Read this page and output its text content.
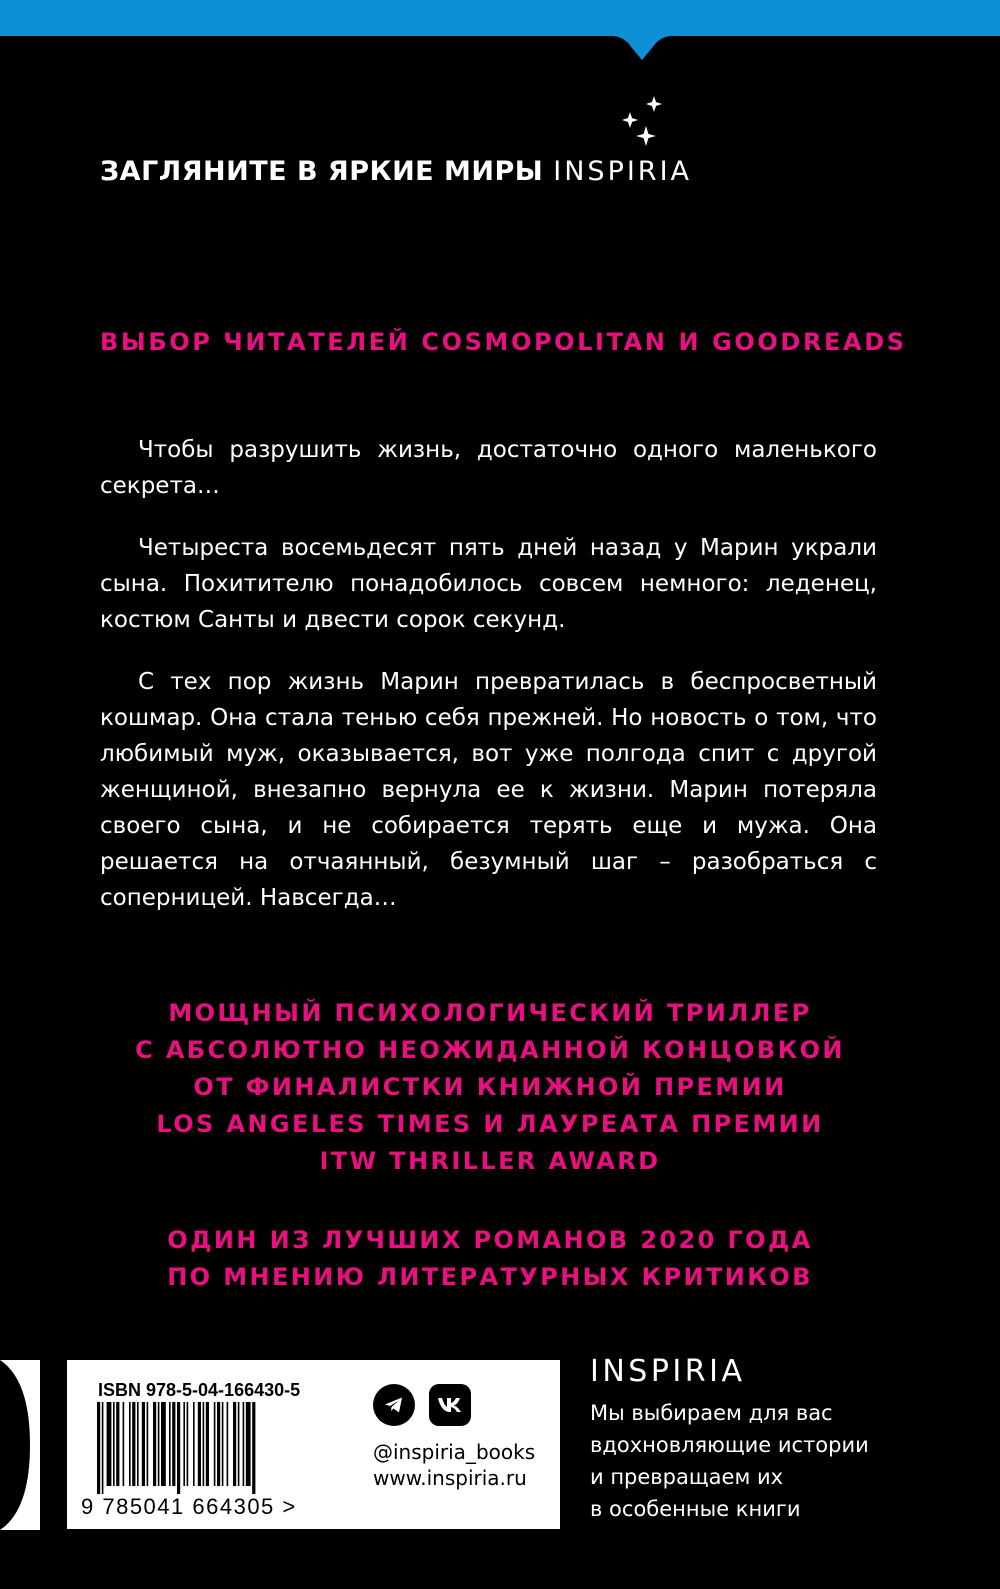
ЗАГЛЯНИТЕ В ЯРКИЕ МИРЫ INSPIRIA
ВЫБОР ЧИТАТЕЛЕЙ COSMOPOLITAN И GOODREADS

Чтобы разрушить жизнь, достаточно одного маленького секрета…

Четыреста восемьдесят пять дней назад у Марин украли сына. Похитителю понадобилось совсем немного: леденец, костюм Санты и двести сорок секунд.

С тех пор жизнь Марин превратилась в беспросветный кошмар. Она стала тенью себя прежней. Но новость о том, что любимый муж, оказывается, вот уже полгода спит с другой женщиной, внезапно вернула ее к жизни. Марин потеряла своего сына, и не собирается терять еще и мужа. Она решается на отчаянный, безумный шаг – разобраться с соперницей. Навсегда…

МОЩНЫЙ ПСИХОЛОГИЧЕСКИЙ ТРИЛЛЕР
С АБСОЛЮТНО НЕОЖИДАННОЙ КОНЦОВКОЙ
ОТ ФИНАЛИСТКИ КНИЖНОЙ ПРЕМИИ
LOS ANGELES TIMES И ЛАУРЕАТА ПРЕМИИ
ITW THRILLER AWARD
ОДИН ИЗ ЛУЧШИХ РОМАНОВ 2020 ГОДА
ПО МНЕНИЮ ЛИТЕРАТУРНЫХ КРИТИКОВ
ISBN 978-5-04-166430-5
9 785041 664305 >
@inspiria_books
www.inspiria.ru
INSPIRIA
Мы выбираем для вас
вдохновляющие истории
и превращаем их
в особенные книги
